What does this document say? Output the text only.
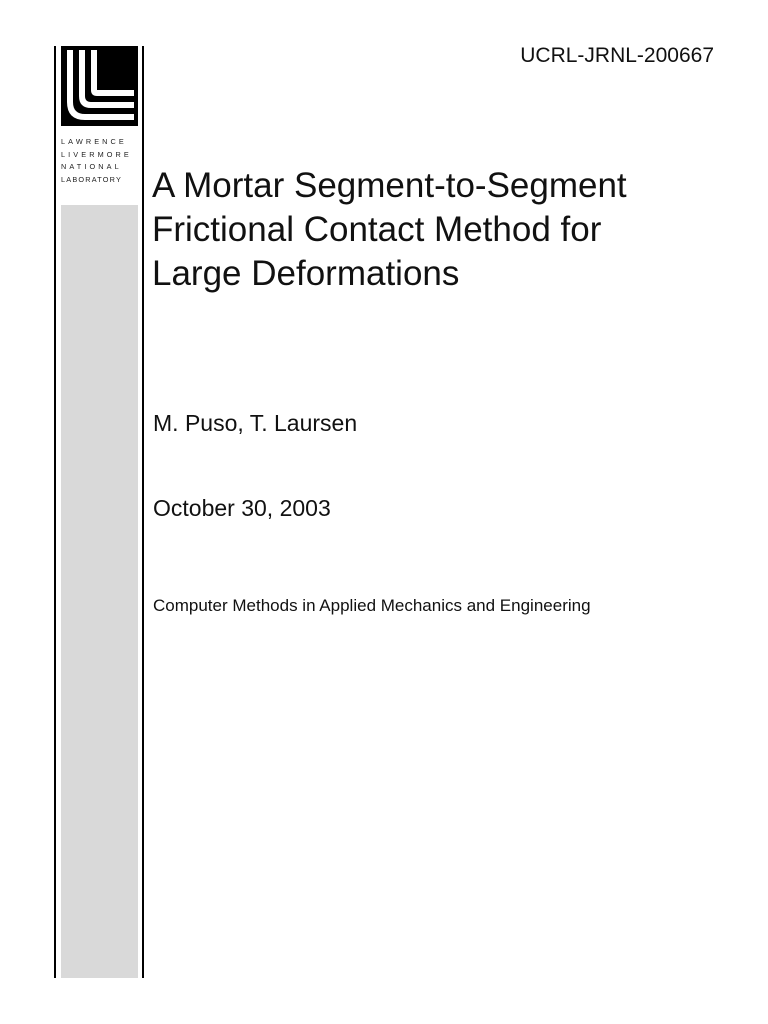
LAWRENCE
LIVERMORE
NATIONAL
LABORATORY
UCRL-JRNL-200667
A Mortar Segment-to-Segment
Frictional Contact Method for
Large Deformations
M. Puso, T. Laursen
October 30, 2003
Computer Methods in Applied Mechanics and Engineering
